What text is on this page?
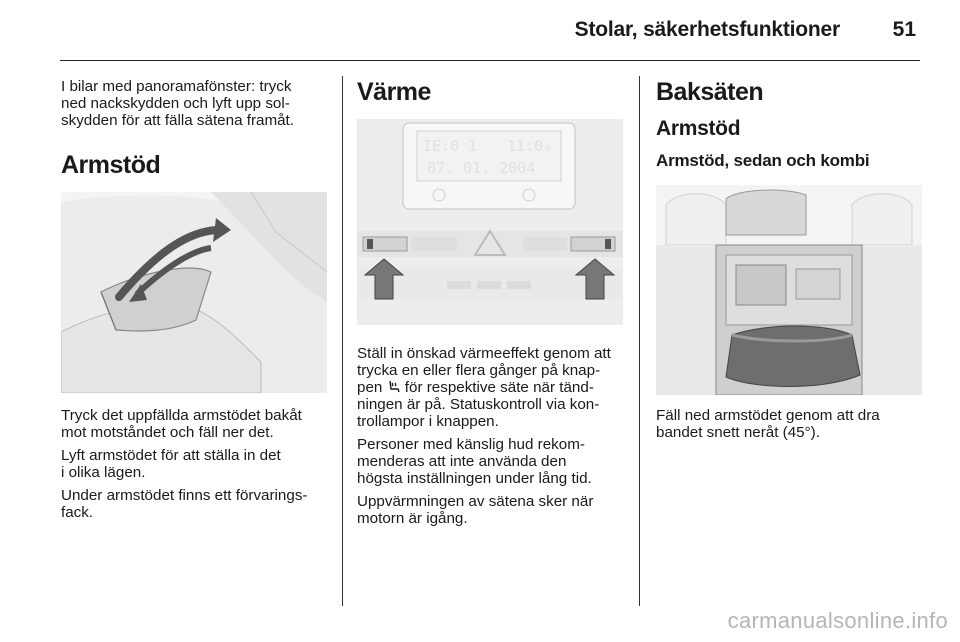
Stolar, säkerhetsfunktioner	51

I bilar med panoramafönster: tryck
ned nackskydden och lyft upp sol-
skydden för att fälla sätena framåt.

Armstöd

Tryck det uppfällda armstödet bakåt
mot motståndet och fäll ner det.

Lyft armstödet för att ställa in det
i olika lägen.

Under armstödet finns ett förvarings-
fack.

Värme
IE:0 1 11:0₀
07. 01. 2004

Ställ in önskad värmeeffekt genom att
trycka en eller flera gånger på knap-
pen  för respektive säte när tänd-
ningen är på. Statuskontroll via kon-
trollampor i knappen.

Personer med känslig hud rekom-
menderas att inte använda den
högsta inställningen under lång tid.

Uppvärmningen av sätena sker när
motorn är igång.

Baksäten
Armstöd
Armstöd, sedan och kombi

Fäll ned armstödet genom att dra
bandet snett neråt (45°).

carmanualsonline.info
